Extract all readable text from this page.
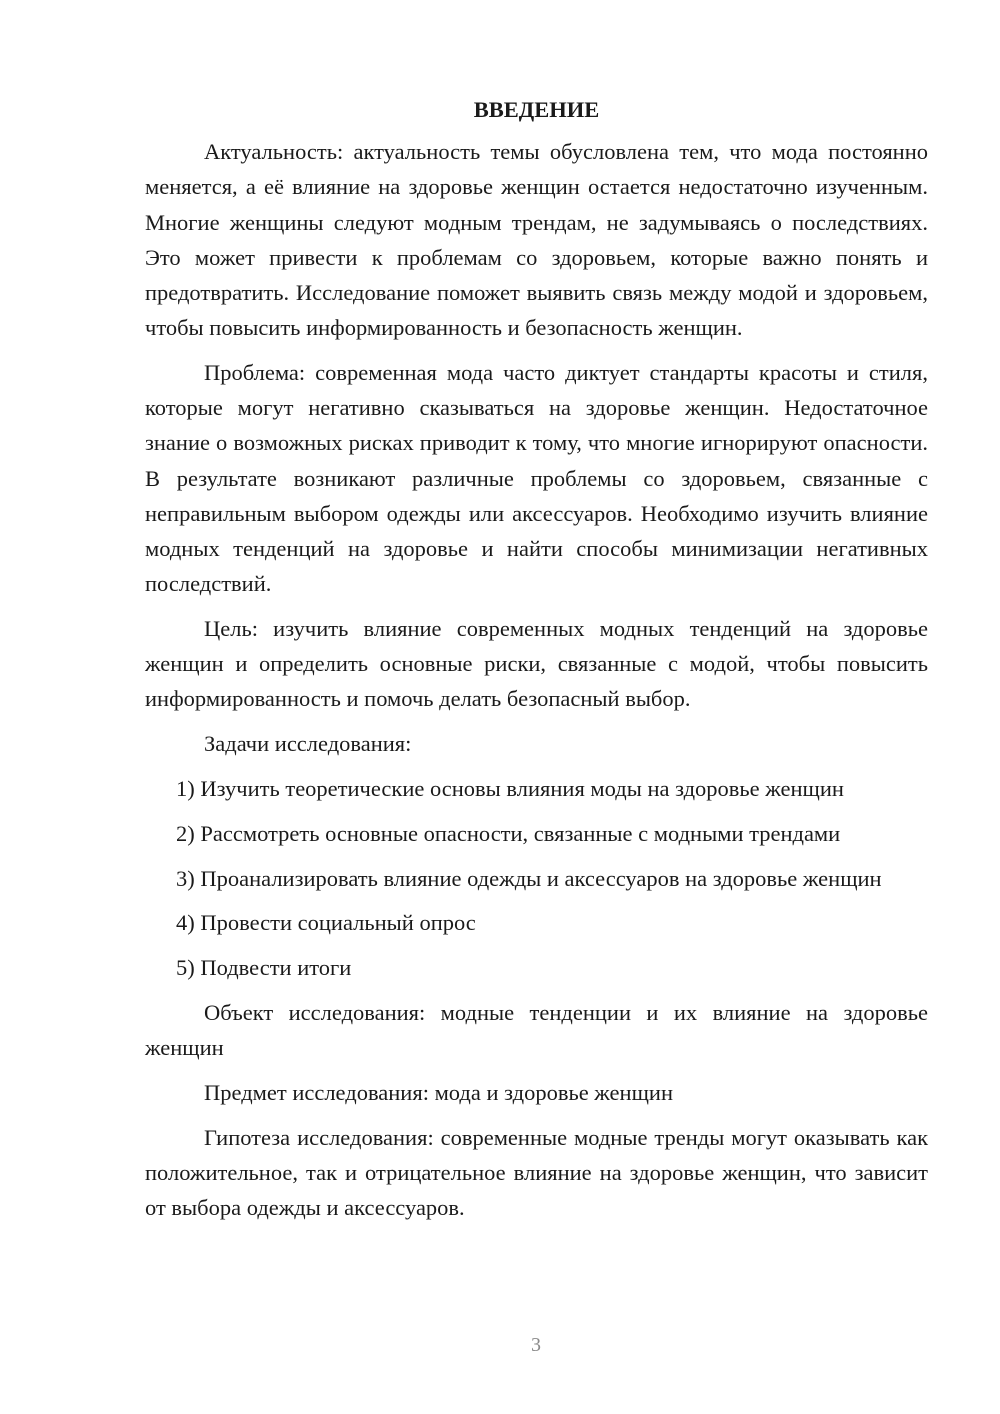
ВВЕДЕНИЕ

Актуальность: актуальность темы обусловлена тем, что мода постоянно меняется, а её влияние на здоровье женщин остается недостаточно изученным. Многие женщины следуют модным трендам, не задумываясь о последствиях. Это может привести к проблемам со здоровьем, которые важно понять и предотвратить. Исследование поможет выявить связь между модой и здоровьем, чтобы повысить информированность и безопасность женщин.

Проблема: современная мода часто диктует стандарты красоты и стиля, которые могут негативно сказываться на здоровье женщин. Недостаточное знание о возможных рисках приводит к тому, что многие игнорируют опасности. В результате возникают различные проблемы со здоровьем, связанные с неправильным выбором одежды или аксессуаров. Необходимо изучить влияние модных тенденций на здоровье и найти способы минимизации негативных последствий.

Цель: изучить влияние современных модных тенденций на здоровье женщин и определить основные риски, связанные с модой, чтобы повысить информированность и помочь делать безопасный выбор.

Задачи исследования:

1) Изучить теоретические основы влияния моды на здоровье женщин

2) Рассмотреть основные опасности, связанные с модными трендами

3) Проанализировать влияние одежды и аксессуаров на здоровье женщин

4) Провести социальный опрос

5) Подвести итоги

Объект исследования: модные тенденции и их влияние на здоровье женщин

Предмет исследования: мода и здоровье женщин

Гипотеза исследования: современные модные тренды могут оказывать как положительное, так и отрицательное влияние на здоровье женщин, что зависит от выбора одежды и аксессуаров.

3
